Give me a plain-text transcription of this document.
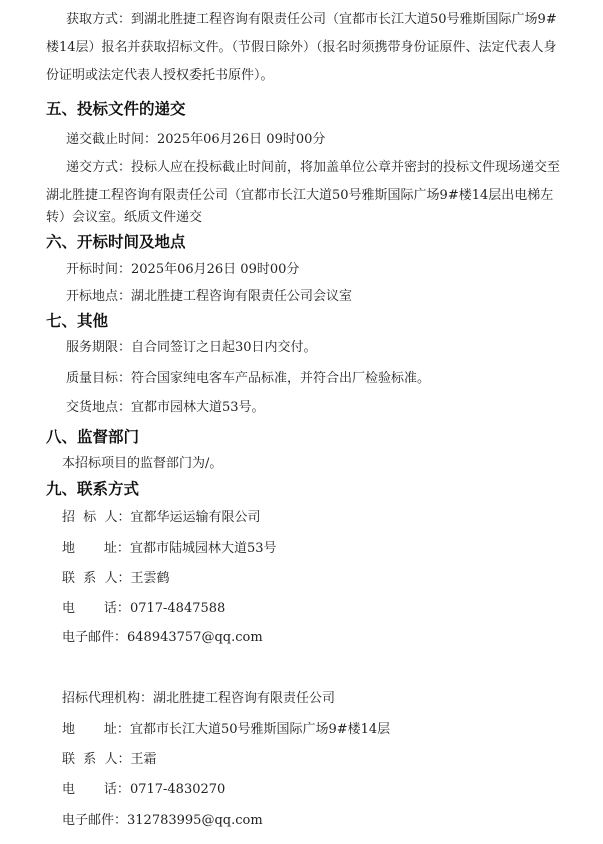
获取方式：到湖北胜捷工程咨询有限责任公司（宜都市长江大道50号雅斯国际广场9#
楼14层）报名并获取招标文件。（节假日除外）（报名时须携带身份证原件、法定代表人身
份证明或法定代表人授权委托书原件）。
五、投标文件的递交
递交截止时间：2025年06月26日 09时00分
递交方式：投标人应在投标截止时间前，将加盖单位公章并密封的投标文件现场递交至
湖北胜捷工程咨询有限责任公司（宜都市长江大道50号雅斯国际广场9#楼14层出电梯左
转）会议室。纸质文件递交
六、开标时间及地点
开标时间：2025年06月26日 09时00分
开标地点：湖北胜捷工程咨询有限责任公司会议室
七、其他
服务期限：自合同签订之日起30日内交付。
质量目标：符合国家纯电客车产品标准，并符合出厂检验标准。
交货地点：宜都市园林大道53号。
八、监督部门
本招标项目的监督部门为/。
九、联系方式
招  标  人：宜都华运运输有限公司
地       址：宜都市陆城园林大道53号
联  系  人：王雲鹤
电       话：0717-4847588
电子邮件：648943757@qq.com
招标代理机构：湖北胜捷工程咨询有限责任公司
地       址：宜都市长江大道50号雅斯国际广场9#楼14层
联  系  人：王霜
电       话：0717-4830270
电子邮件：312783995@qq.com
